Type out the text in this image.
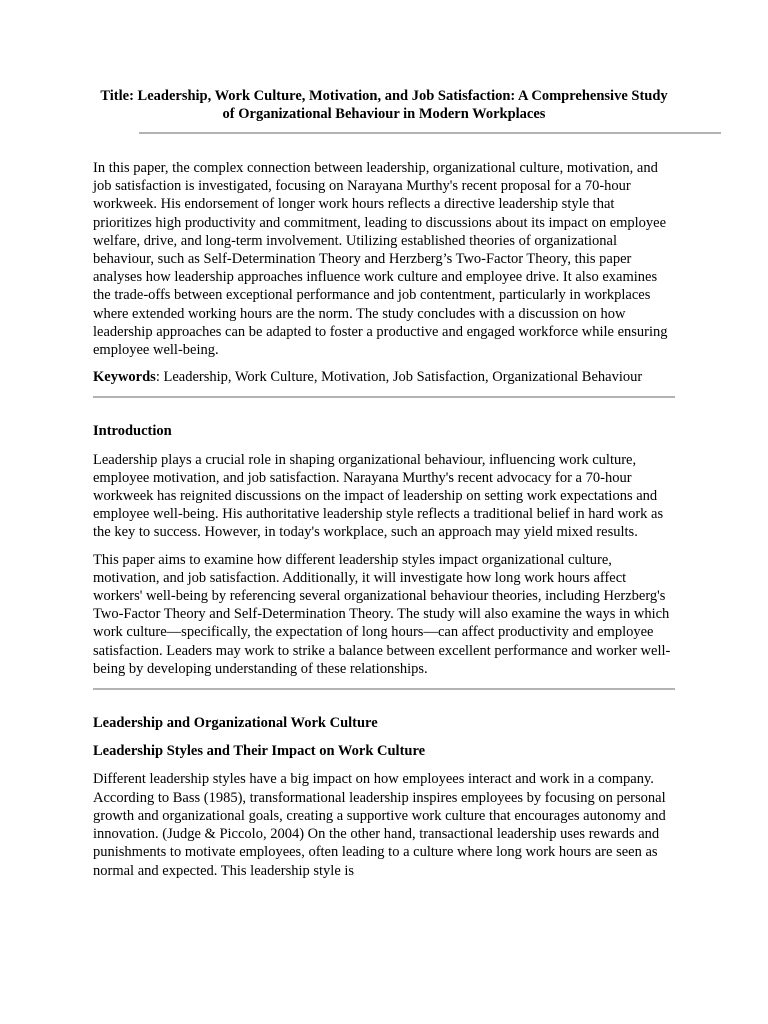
Title: Leadership, Work Culture, Motivation, and Job Satisfaction: A Comprehensive Study of Organizational Behaviour in Modern Workplaces

In this paper, the complex connection between leadership, organizational culture, motivation, and job satisfaction is investigated, focusing on Narayana Murthy's recent proposal for a 70-hour workweek. His endorsement of longer work hours reflects a directive leadership style that prioritizes high productivity and commitment, leading to discussions about its impact on employee welfare, drive, and long-term involvement. Utilizing established theories of organizational behaviour, such as Self-Determination Theory and Herzberg’s Two-Factor Theory, this paper analyses how leadership approaches influence work culture and employee drive. It also examines the trade-offs between exceptional performance and job contentment, particularly in workplaces where extended working hours are the norm. The study concludes with a discussion on how leadership approaches can be adapted to foster a productive and engaged workforce while ensuring employee well-being.

Keywords: Leadership, Work Culture, Motivation, Job Satisfaction, Organizational Behaviour

Introduction

Leadership plays a crucial role in shaping organizational behaviour, influencing work culture, employee motivation, and job satisfaction. Narayana Murthy's recent advocacy for a 70-hour workweek has reignited discussions on the impact of leadership on setting work expectations and employee well-being. His authoritative leadership style reflects a traditional belief in hard work as the key to success. However, in today's workplace, such an approach may yield mixed results.

This paper aims to examine how different leadership styles impact organizational culture, motivation, and job satisfaction. Additionally, it will investigate how long work hours affect workers' well-being by referencing several organizational behaviour theories, including Herzberg's Two-Factor Theory and Self-Determination Theory. The study will also examine the ways in which work culture—specifically, the expectation of long hours—can affect productivity and employee satisfaction. Leaders may work to strike a balance between excellent performance and worker well-being by developing understanding of these relationships.

Leadership and Organizational Work Culture

Leadership Styles and Their Impact on Work Culture

Different leadership styles have a big impact on how employees interact and work in a company. According to Bass (1985), transformational leadership inspires employees by focusing on personal growth and organizational goals, creating a supportive work culture that encourages autonomy and innovation. (Judge & Piccolo, 2004) On the other hand, transactional leadership uses rewards and punishments to motivate employees, often leading to a culture where long work hours are seen as normal and expected. This leadership style is
